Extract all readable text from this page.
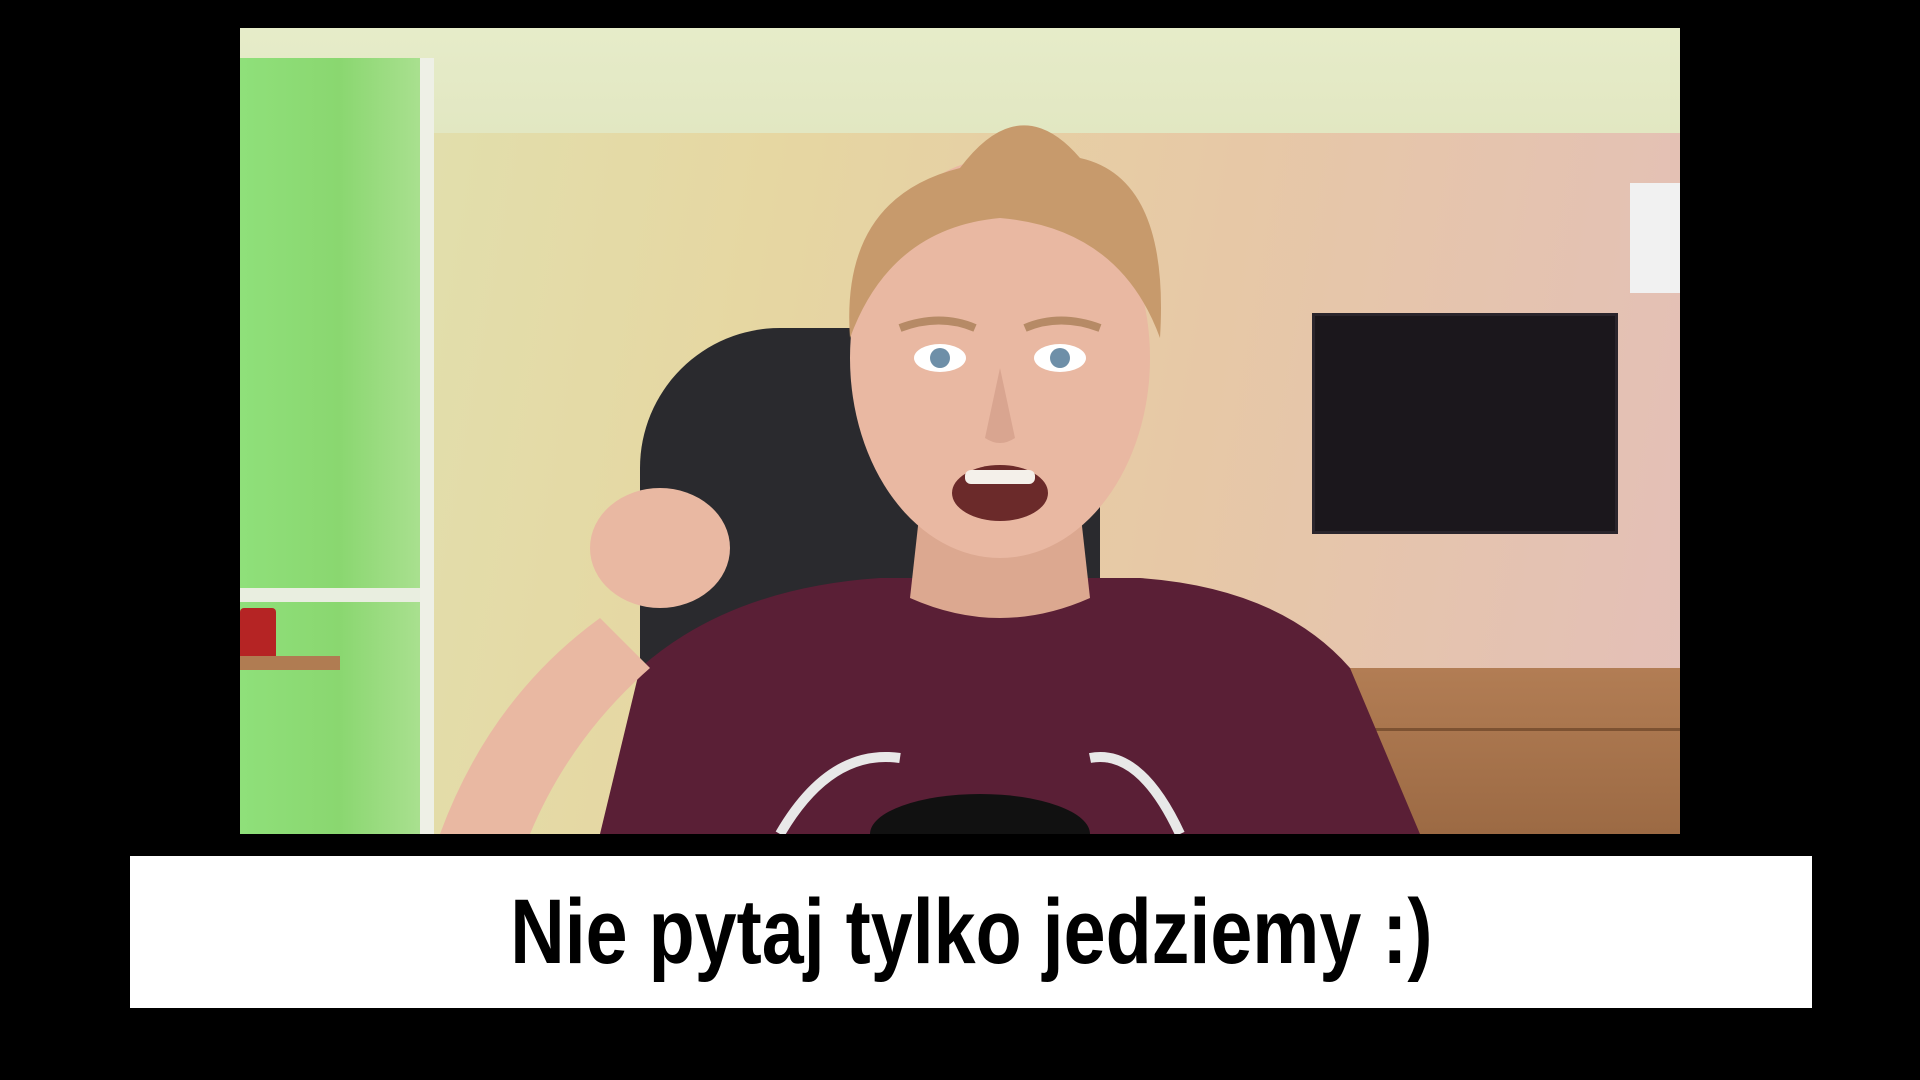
Nie pytaj tylko jedziemy :)
